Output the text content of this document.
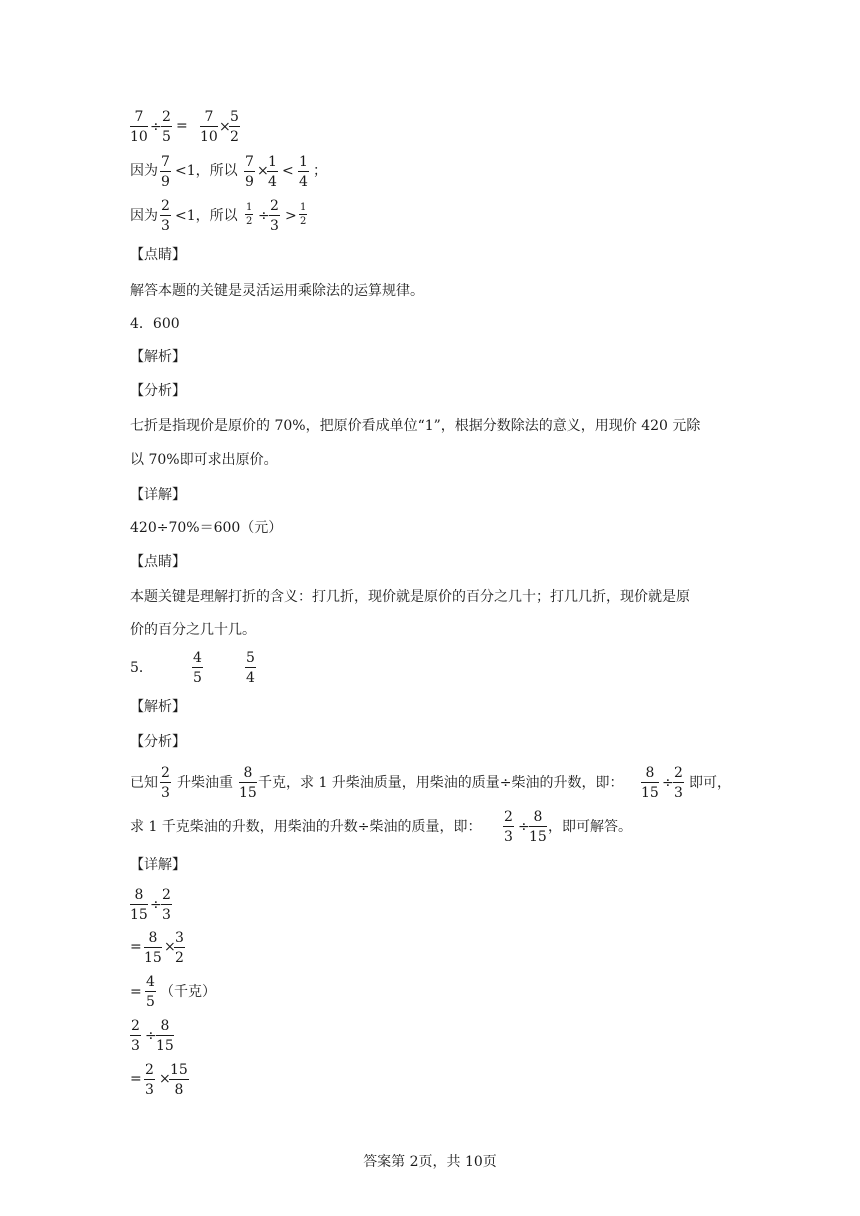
$\frac{7}{10} \div \frac{2}{5} = \frac{7}{10}$ ×
$\frac{5}{2}$
因为 $\frac{7}{9} <1$，所以 $\frac{7}{9}$ ×
$\frac{1}{4} < \frac{1}{4}$ ；
因为 $\frac{2}{3} <1$，所以 $\frac{1}{2} \div \frac{2}{3} > \frac{1}{2}$
【点睛】
解答本题的关键是灵活运用乘除法的运算规律。
4．600
【解析】
【分析】
七折是指现价是原价的 70%，把原价看成单位“1”，根据分数除法的意义，用现价 420 元除
以 70%即可求出原价。
【详解】
420÷70%＝600（元）
【点睛】
本题关键是理解打折的含义：打几折，现价就是原价的百分之几十；打几几折，现价就是原
价的百分之几十几。
5．	$\frac{4}{5}$	$\frac{5}{4}$
【解析】
【分析】
已知 $\frac{2}{3}$ 升柴油重 $\frac{8}{15}$ 千克，求 1 升柴油质量，用柴油的质量÷柴油的升数，即： $\frac{8}{15} \div \frac{2}{3}$ 即可，
求 1 千克柴油的升数，用柴油的升数÷柴油的质量，即： $\frac{2}{3} \div \frac{8}{15}$ ，即可解答。
【详解】
$\frac{8}{15} \div \frac{2}{3}$
= $\frac{8}{15}$ ×
$\frac{3}{2}$
= $\frac{4}{5}$ （千克）
$\frac{2}{3} \div \frac{8}{15}$
= $\frac{2}{3}$ ×
$\frac{15}{8}$
答案第 2页，共 10页
